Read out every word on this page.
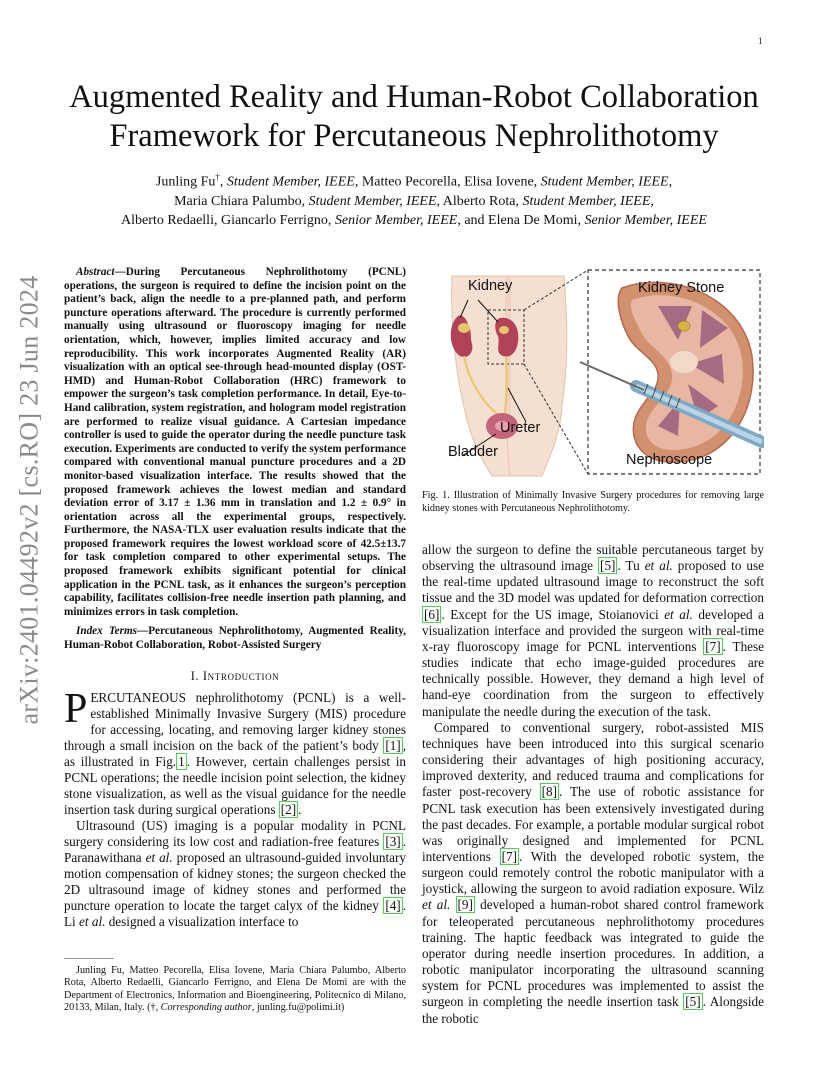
1
arXiv:2401.04492v2 [cs.RO] 23 Jun 2024
Augmented Reality and Human-Robot Collaboration
Framework for Percutaneous Nephrolithotomy
Junling Fu†, Student Member, IEEE, Matteo Pecorella, Elisa Iovene, Student Member, IEEE,
Maria Chiara Palumbo, Student Member, IEEE, Alberto Rota, Student Member, IEEE,
Alberto Redaelli, Giancarlo Ferrigno, Senior Member, IEEE, and Elena De Momi, Senior Member, IEEE

Abstract—During Percutaneous Nephrolithotomy (PCNL) operations, the surgeon is required to define the incision point on the patient’s back, align the needle to a pre-planned path, and perform puncture operations afterward. The procedure is currently performed manually using ultrasound or fluoroscopy imaging for needle orientation, which, however, implies limited accuracy and low reproducibility. This work incorporates Augmented Reality (AR) visualization with an optical see-through head-mounted display (OST-HMD) and Human-Robot Collaboration (HRC) framework to empower the surgeon’s task completion performance. In detail, Eye-to-Hand calibration, system registration, and hologram model registration are performed to realize visual guidance. A Cartesian impedance controller is used to guide the operator during the needle puncture task execution. Experiments are conducted to verify the system performance compared with conventional manual puncture procedures and a 2D monitor-based visualization interface. The results showed that the proposed framework achieves the lowest median and standard deviation error of 3.17 ± 1.36 mm in translation and 1.2 ± 0.9° in orientation across all the experimental groups, respectively. Furthermore, the NASA-TLX user evaluation results indicate that the proposed framework requires the lowest workload score of 42.5±13.7 for task completion compared to other experimental setups. The proposed framework exhibits significant potential for clinical application in the PCNL task, as it enhances the surgeon’s perception capability, facilitates collision-free needle insertion path planning, and minimizes errors in task completion.

Index Terms—Percutaneous Nephrolithotomy, Augmented Reality, Human-Robot Collaboration, Robot-Assisted Surgery

I. Introduction

PERCUTANEOUS nephrolithotomy (PCNL) is a well-established Minimally Invasive Surgery (MIS) procedure for accessing, locating, and removing larger kidney stones through a small incision on the back of the patient’s body [1] , as illustrated in Fig. 1 . However, certain challenges persist in PCNL operations; the needle incision point selection, the kidney stone visualization, as well as the visual guidance for the needle insertion task during surgical operations [2] .

Ultrasound (US) imaging is a popular modality in PCNL surgery considering its low cost and radiation-free features [3] . Paranawithana et al. proposed an ultrasound-guided involuntary motion compensation of kidney stones; the surgeon checked the 2D ultrasound image of kidney stones and performed the puncture operation to locate the target calyx of the kidney [4] . Li et al. designed a visualization interface to

Junling Fu, Matteo Pecorella, Elisa Iovene, Maria Chiara Palumbo, Alberto Rota, Alberto Redaelli, Giancarlo Ferrigno, and Elena De Momi are with the Department of Electronics, Information and Bioengineering, Politecnico di Milano, 20133, Milan, Italy. (†, Corresponding author, junling.fu@polimi.it)
Kidney	Kidney Stone
Ureter
Bladder	Nephroscope

Fig. 1. Illustration of Minimally Invasive Surgery procedures for removing large kidney stones with Percutaneous Nephrolithotomy.

allow the surgeon to define the suitable percutaneous target by observing the ultrasound image [5] . Tu et al. proposed to use the real-time updated ultrasound image to reconstruct the soft tissue and the 3D model was updated for deformation correction [6] . Except for the US image, Stoianovici et al. developed a visualization interface and provided the surgeon with real-time x-ray fluoroscopy image for PCNL interventions [7] . These studies indicate that echo image-guided procedures are technically possible. However, they demand a high level of hand-eye coordination from the surgeon to effectively manipulate the needle during the execution of the task.

Compared to conventional surgery, robot-assisted MIS techniques have been introduced into this surgical scenario considering their advantages of high positioning accuracy, improved dexterity, and reduced trauma and complications for faster post-recovery [8] . The use of robotic assistance for PCNL task execution has been extensively investigated during the past decades. For example, a portable modular surgical robot was originally designed and implemented for PCNL interventions [7] . With the developed robotic system, the surgeon could remotely control the robotic manipulator with a joystick, allowing the surgeon to avoid radiation exposure. Wilz et al. [9] developed a human-robot shared control framework for teleoperated percutaneous nephrolithotomy procedures training. The haptic feedback was integrated to guide the operator during needle insertion procedures. In addition, a robotic manipulator incorporating the ultrasound scanning system for PCNL procedures was implemented to assist the surgeon in completing the needle insertion task [5] . Alongside the robotic
